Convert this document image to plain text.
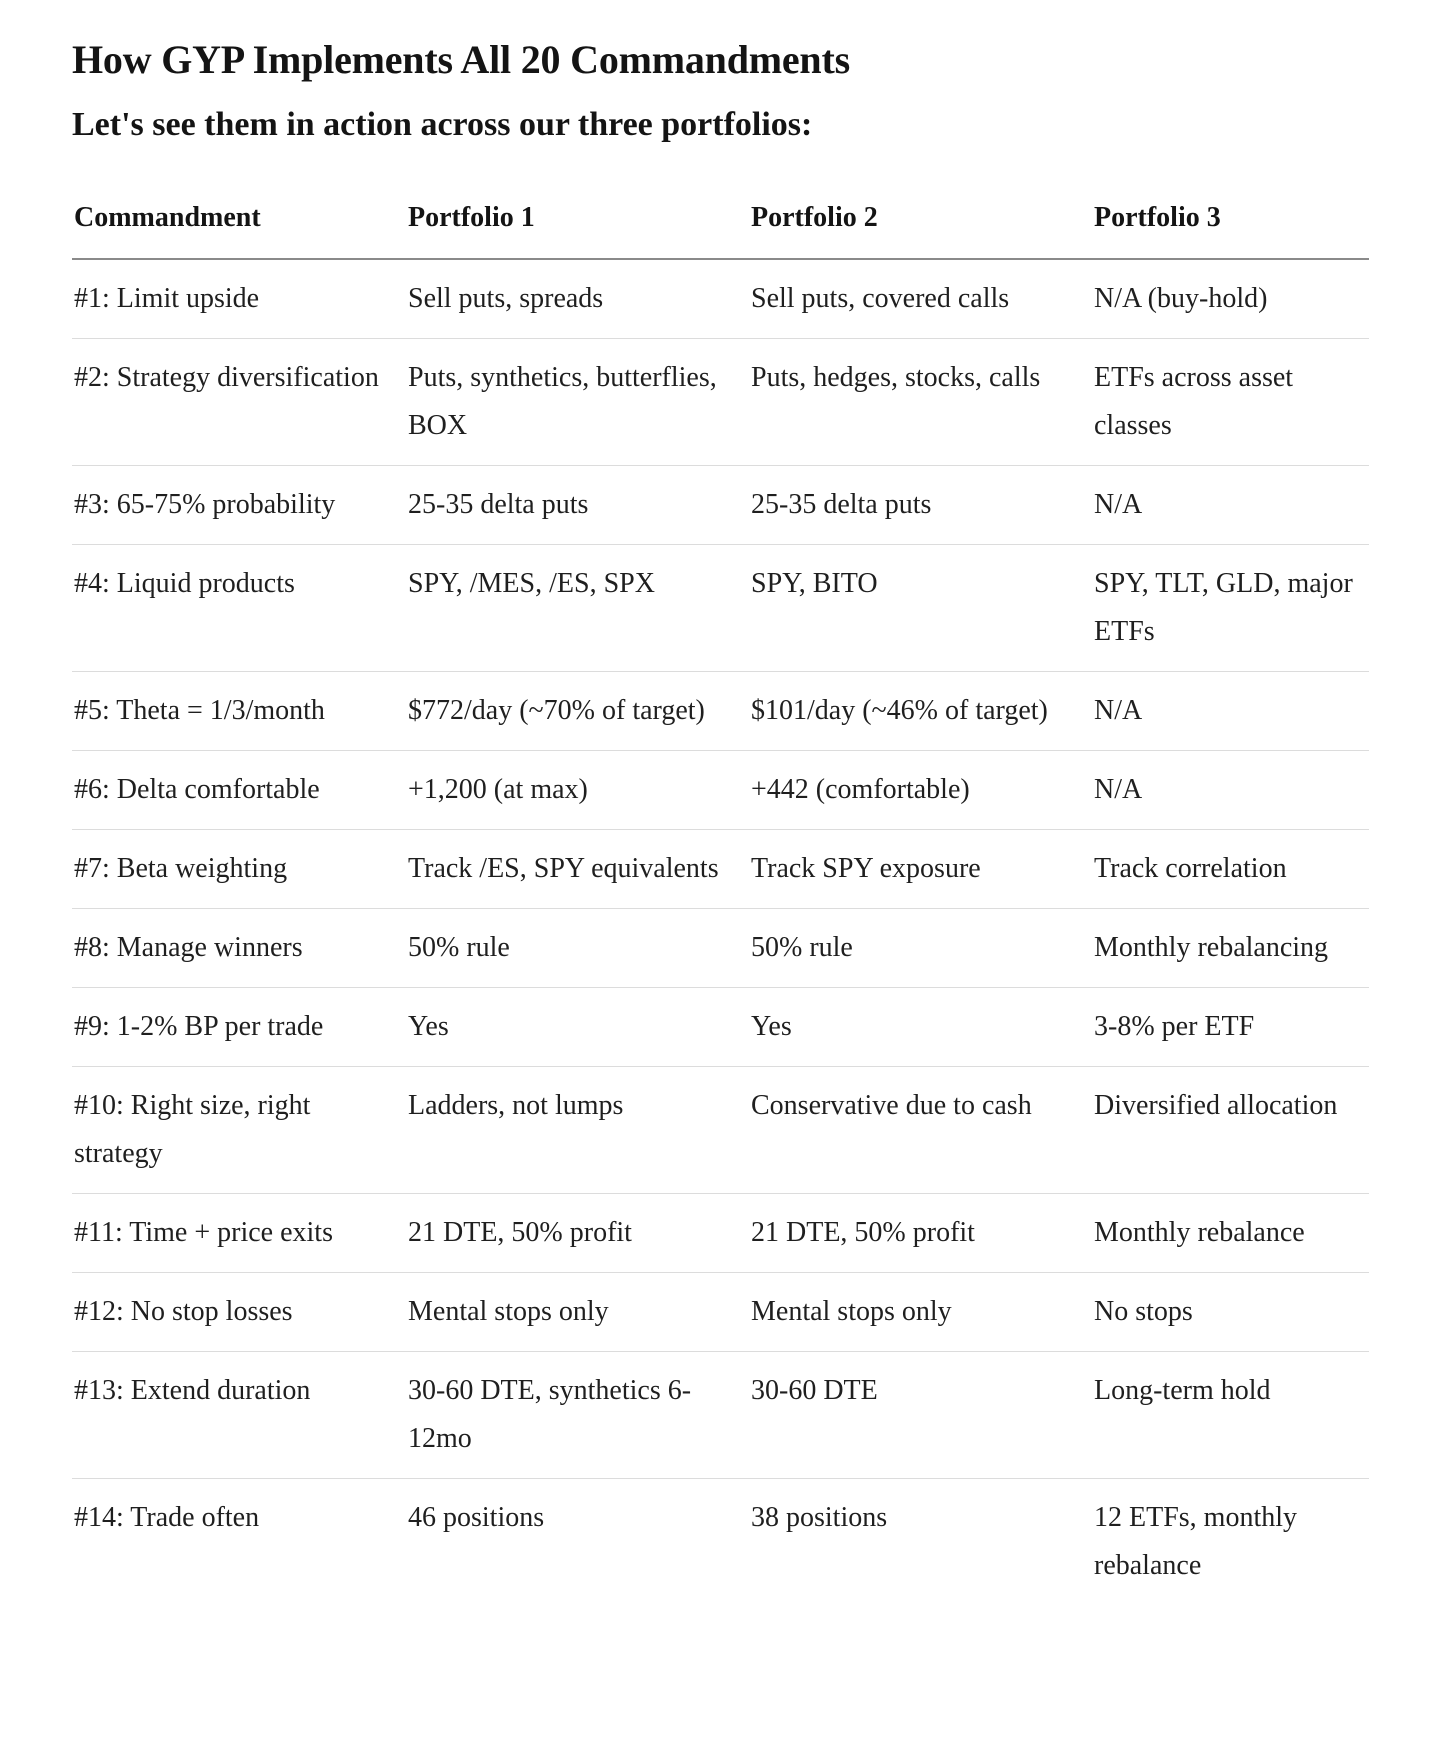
How GYP Implements All 20 Commandments
Let's see them in action across our three portfolios:
Commandment	Portfolio 1	Portfolio 2	Portfolio 3
#1: Limit upside	Sell puts, spreads	Sell puts, covered calls	N/A (buy-hold)
#2: Strategy diversification	Puts, synthetics, butterflies, BOX	Puts, hedges, stocks, calls	ETFs across asset classes
#3: 65-75% probability	25-35 delta puts	25-35 delta puts	N/A
#4: Liquid products	SPY, /MES, /ES, SPX	SPY, BITO	SPY, TLT, GLD, major ETFs
#5: Theta = 1/3/month	$772/day (~70% of target)	$101/day (~46% of target)	N/A
#6: Delta comfortable	+1,200 (at max)	+442 (comfortable)	N/A
#7: Beta weighting	Track /ES, SPY equivalents	Track SPY exposure	Track correlation
#8: Manage winners	50% rule	50% rule	Monthly rebalancing
#9: 1-2% BP per trade	Yes	Yes	3-8% per ETF
#10: Right size, right strategy	Ladders, not lumps	Conservative due to cash	Diversified allocation
#11: Time + price exits	21 DTE, 50% profit	21 DTE, 50% profit	Monthly rebalance
#12: No stop losses	Mental stops only	Mental stops only	No stops
#13: Extend duration	30-60 DTE, synthetics 6-12mo	30-60 DTE	Long-term hold
#14: Trade often	46 positions	38 positions	12 ETFs, monthly rebalance
